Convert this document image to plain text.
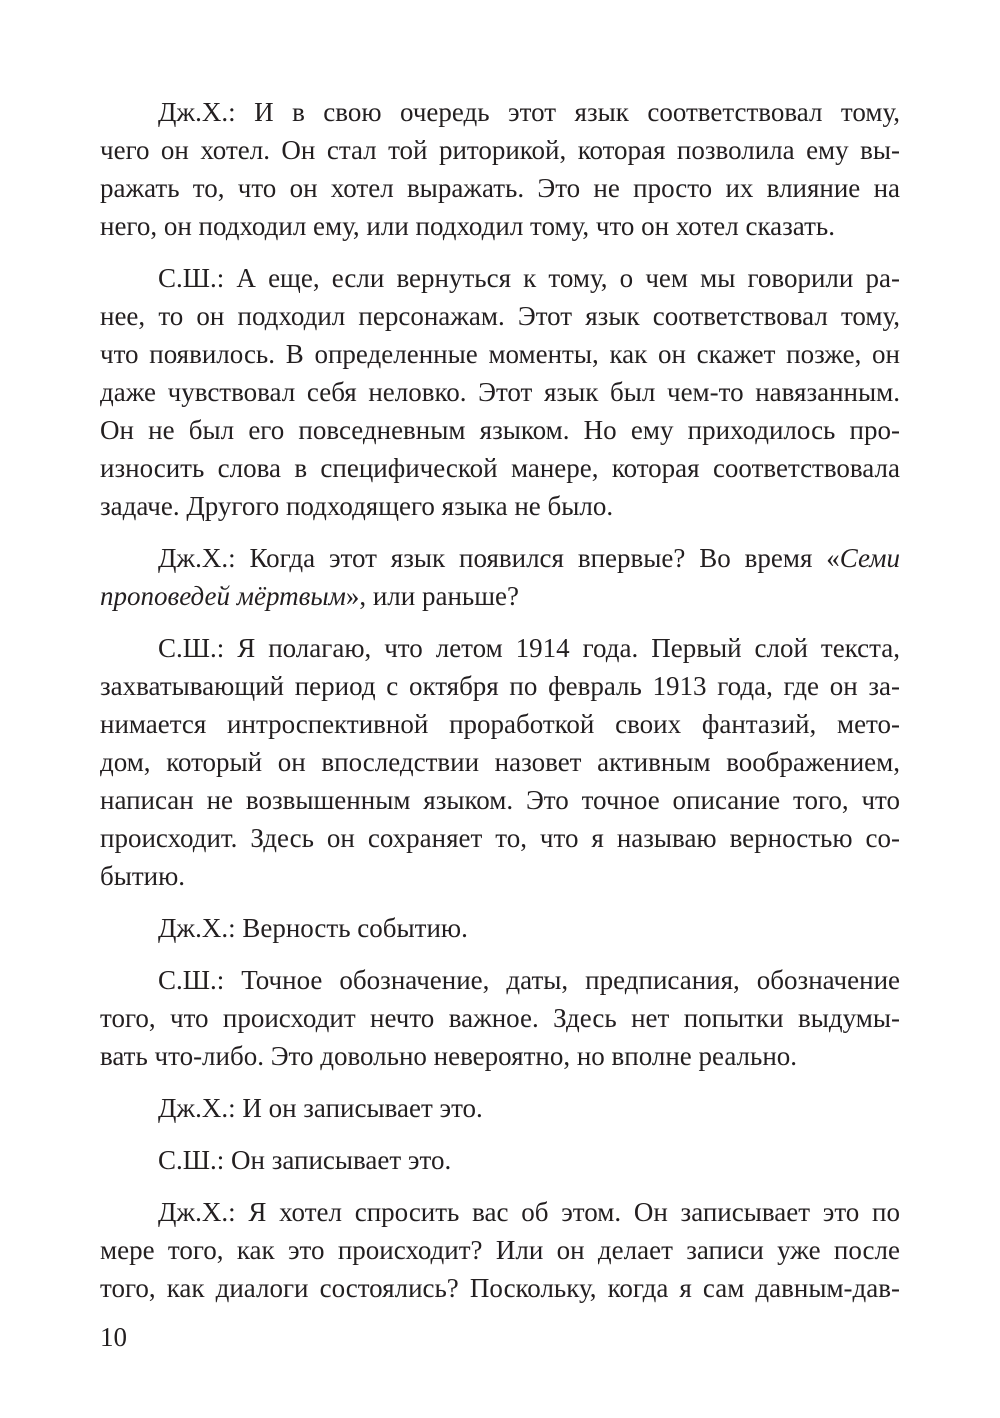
Дж.Х.: И в свою очередь этот язык соответствовал тому,
чего он хотел. Он стал той риторикой, которая позволила ему вы-
ражать то, что он хотел выражать. Это не просто их влияние на
него, он подходил ему, или подходил тому, что он хотел сказать.
С.Ш.: А еще, если вернуться к тому, о чем мы говорили ра-
нее, то он подходил персонажам. Этот язык соответствовал тому,
что появилось. В определенные моменты, как он скажет позже, он
даже чувствовал себя неловко. Этот язык был чем-то навязанным.
Он не был его повседневным языком. Но ему приходилось про-
износить слова в специфической манере, которая соответствовала
задаче. Другого подходящего языка не было.
Дж.Х.: Когда этот язык появился впервые? Во время «Семи
проповедей мёртвым», или раньше?
С.Ш.: Я полагаю, что летом 1914 года. Первый слой текста,
захватывающий период с октября по февраль 1913 года, где он за-
нимается интроспективной проработкой своих фантазий, мето-
дом, который он впоследствии назовет активным воображением,
написан не возвышенным языком. Это точное описание того, что
происходит. Здесь он сохраняет то, что я называю верностью со-
бытию.
Дж.Х.: Верность событию.
С.Ш.: Точное обозначение, даты, предписания, обозначение
того, что происходит нечто важное. Здесь нет попытки выдумы-
вать что-либо. Это довольно невероятно, но вполне реально.
Дж.Х.: И он записывает это.
С.Ш.: Он записывает это.
Дж.Х.: Я хотел спросить вас об этом. Он записывает это по
мере того, как это происходит? Или он делает записи уже после
того, как диалоги состоялись? Поскольку, когда я сам давным-дав-
10
